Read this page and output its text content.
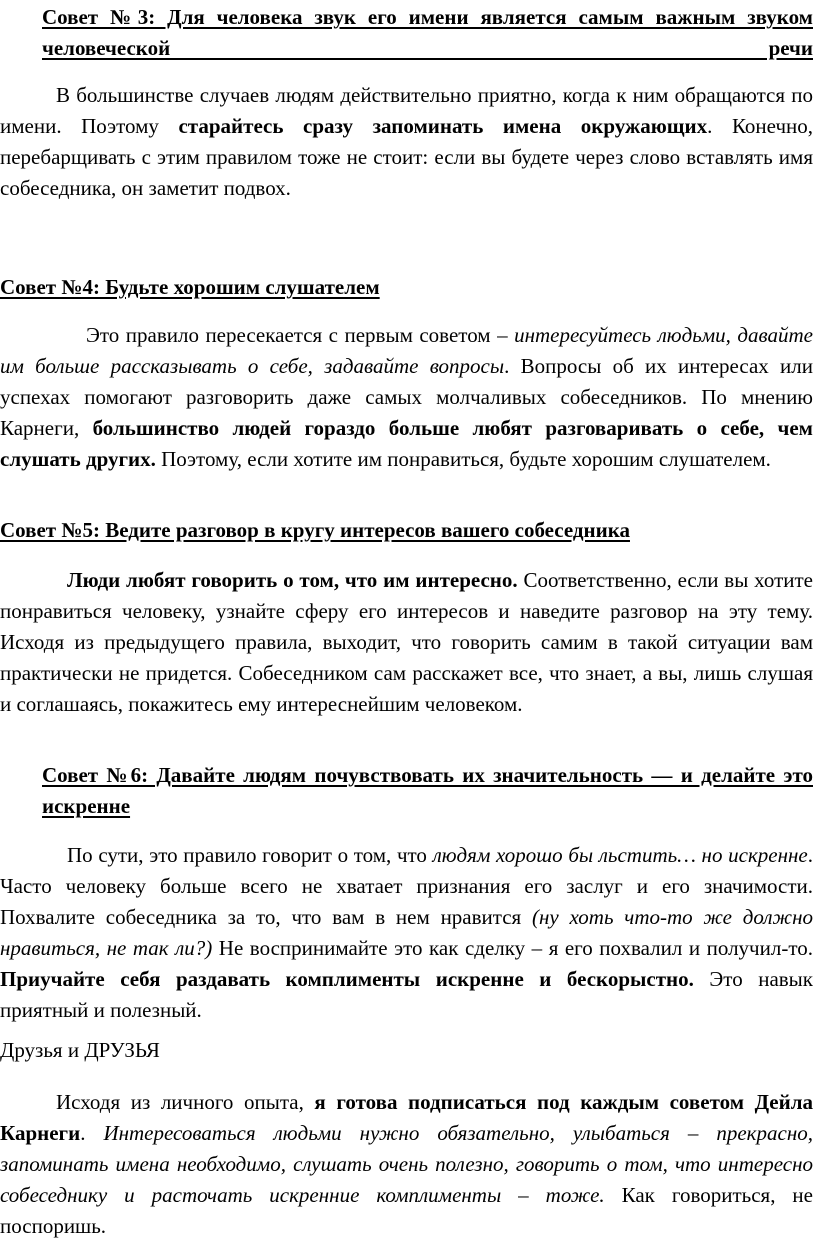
Совет №3: Для человека звук его имени является самым важным звуком человеческой речи

В большинстве случаев людям действительно приятно, когда к ним обращаются по имени. Поэтому старайтесь сразу запоминать имена окружающих. Конечно, перебарщивать с этим правилом тоже не стоит: если вы будете через слово вставлять имя собеседника, он заметит подвох.

Совет №4: Будьте хорошим слушателем

Это правило пересекается с первым советом – интересуйтесь людьми, давайте им больше рассказывать о себе, задавайте вопросы. Вопросы об их интересах или успехах помогают разговорить даже самых молчаливых собеседников. По мнению Карнеги, большинство людей гораздо больше любят разговаривать о себе, чем слушать других. Поэтому, если хотите им понравиться, будьте хорошим слушателем.

Совет №5: Ведите разговор в кругу интересов вашего собеседника

Люди любят говорить о том, что им интересно. Соответственно, если вы хотите понравиться человеку, узнайте сферу его интересов и наведите разговор на эту тему. Исходя из предыдущего правила, выходит, что говорить самим в такой ситуации вам практически не придется. Собеседником сам расскажет все, что знает, а вы, лишь слушая и соглашаясь, покажитесь ему интереснейшим человеком.

Совет №6: Давайте людям почувствовать их значительность — и делайте это искренне

По сути, это правило говорит о том, что людям хорошо бы льстить… но искренне. Часто человеку больше всего не хватает признания его заслуг и его значимости. Похвалите собеседника за то, что вам в нем нравится (ну хоть что-то же должно нравиться, не так ли?) Не воспринимайте это как сделку – я его похвалил и получил-то. Приучайте себя раздавать комплименты искренне и бескорыстно. Это навык приятный и полезный.

Друзья и ДРУЗЬЯ

Исходя из личного опыта, я готова подписаться под каждым советом Дейла Карнеги. Интересоваться людьми нужно обязательно, улыбаться – прекрасно, запоминать имена необходимо, слушать очень полезно, говорить о том, что интересно собеседнику и расточать искренние комплименты – тоже. Как говориться, не поспоришь.
